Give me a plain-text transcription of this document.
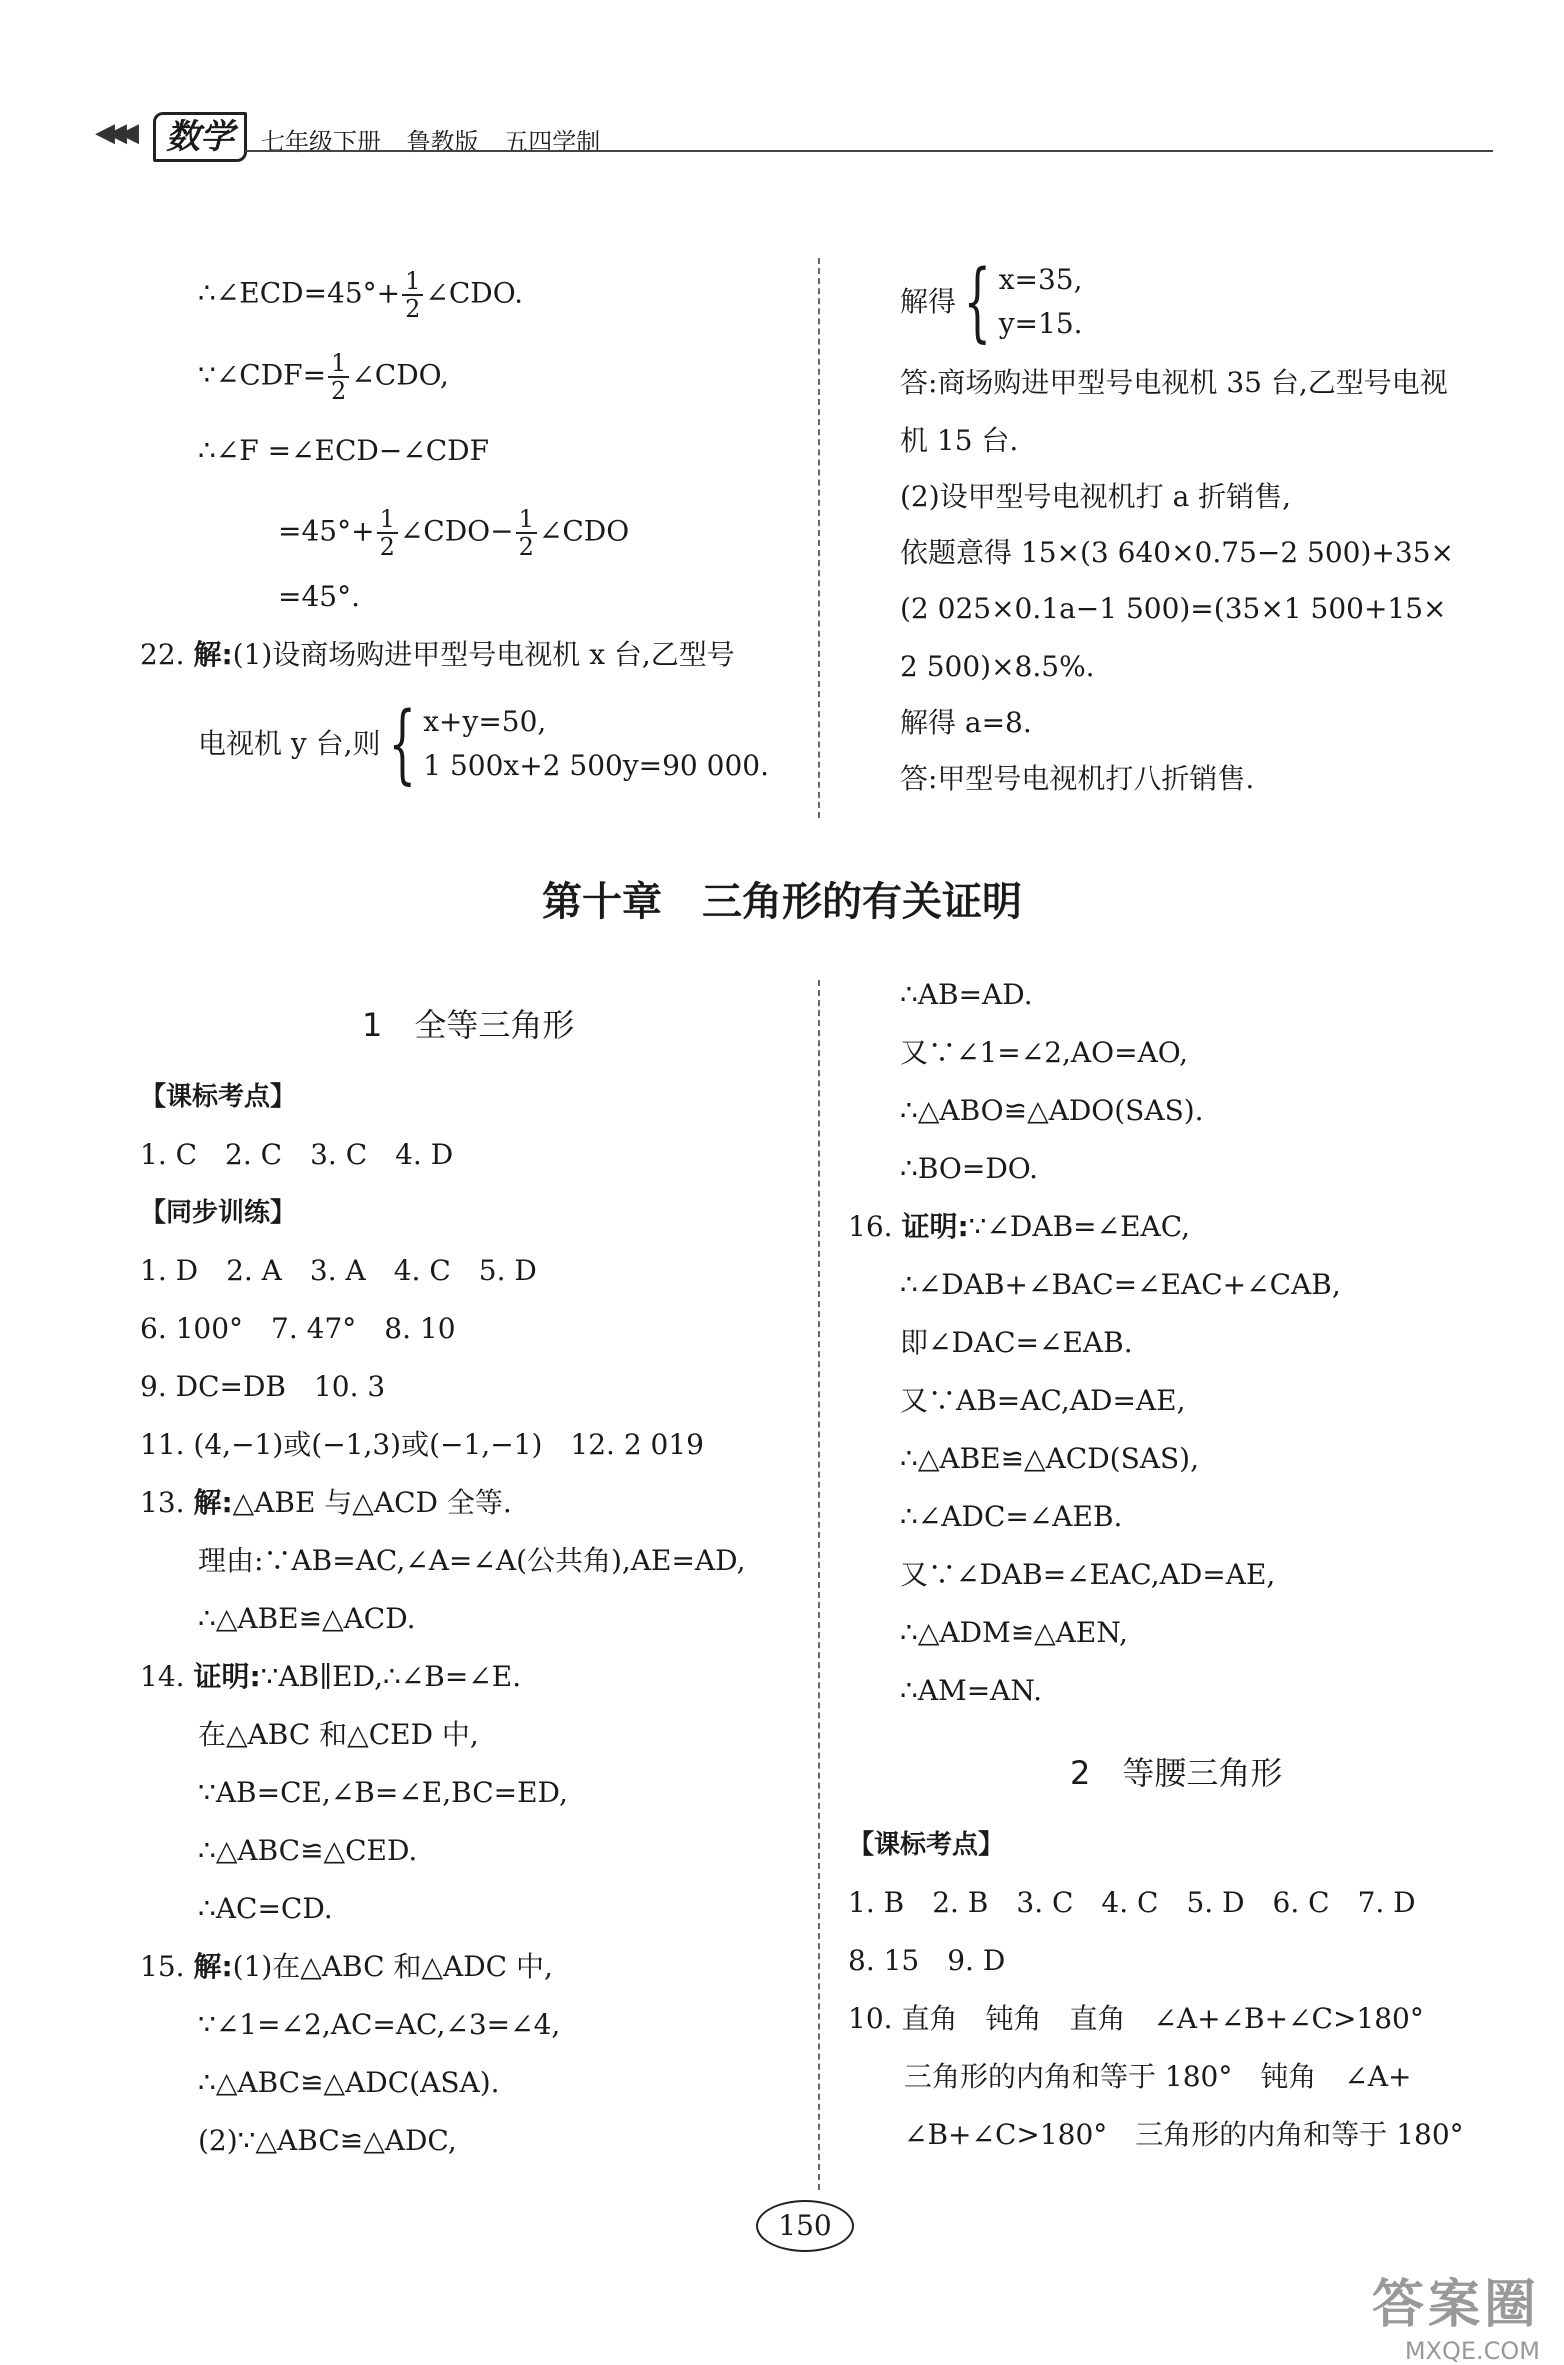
◀◀◀	数学	七年级下册 鲁教版 五四学制
∴∠ECD=45°+ $\frac{1}{2}$ ∠CDO.
∵∠CDF= $\frac{1}{2}$ ∠CDO,
∴∠F =∠ECD−∠CDF
$=45^\circ+ \frac{1}{2}$ ∠CDO− $\frac{1}{2}$ ∠CDO
=45°.
22. 解:(1)设商场购进甲型号电视机 x 台,乙型号
电视机 y 台,则{ x+y=50,
1 500x+2 500y=90 000.
解得{ x=35,
y=15.
答:商场购进甲型号电视机 35 台,乙型号电视
机 15 台.
(2)设甲型号电视机打 a 折销售,
依题意得 15×(3 640×0.75−2 500)+35×
(2 025×0.1a−1 500)=(35×1 500+15×
2 500)×8.5%.
解得 a=8.
答:甲型号电视机打八折销售.
第十章　三角形的有关证明
1　全等三角形
【课标考点】
1. C　2. C　3. C　4. D
【同步训练】
1. D　2. A　3. A　4. C　5. D
6. 100°　7. 47°　8. 10
9. DC=DB　10. 3
11. (4,−1)或(−1,3)或(−1,−1)　12. 2 019
13. 解:△ABE 与△ACD 全等.
理由:∵AB=AC,∠A=∠A(公共角),AE=AD,
∴△ABE≌△ACD.
14. 证明:∵AB∥ED,∴∠B=∠E.
在△ABC 和△CED 中,
∵AB=CE,∠B=∠E,BC=ED,
∴△ABC≌△CED.
∴AC=CD.
15. 解:(1)在△ABC 和△ADC 中,
∵∠1=∠2,AC=AC,∠3=∠4,
∴△ABC≌△ADC(ASA).
(2)∵△ABC≌△ADC,
∴AB=AD.
又∵∠1=∠2,AO=AO,
∴△ABO≌△ADO(SAS).
∴BO=DO.
16. 证明:∵∠DAB=∠EAC,
∴∠DAB+∠BAC=∠EAC+∠CAB,
即∠DAC=∠EAB.
又∵AB=AC,AD=AE,
∴△ABE≌△ACD(SAS),
∴∠ADC=∠AEB.
又∵∠DAB=∠EAC,AD=AE,
∴△ADM≌△AEN,
∴AM=AN.
2　等腰三角形
【课标考点】
1. B　2. B　3. C　4. C　5. D　6. C　7. D
8. 15　9. D
10. 直角　钝角　直角　∠A+∠B+∠C>180°
三角形的内角和等于 180°　钝角　∠A+
∠B+∠C>180°　三角形的内角和等于 180°
150
答案圈
MXQE.COM
